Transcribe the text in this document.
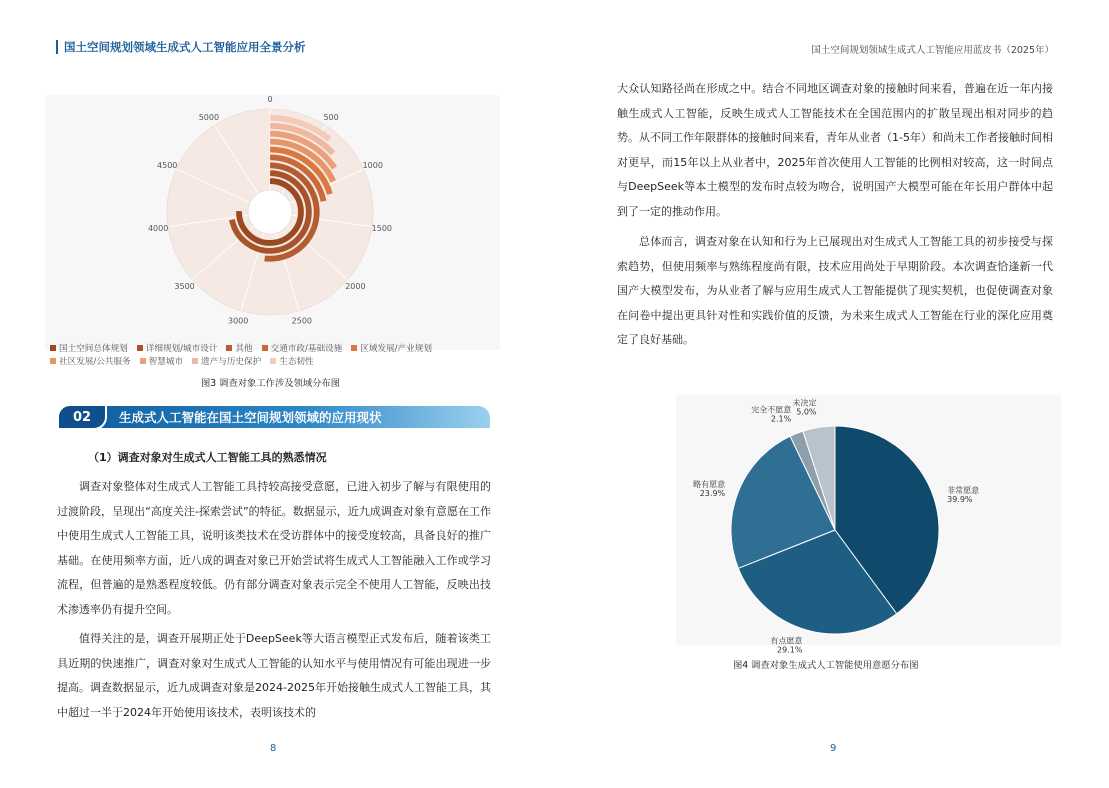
国土空间规划领域生成式人工智能应用全景分析
0
500
1000
1500
2000
2500
3000
3500
4000
4500
5000
国土空间总体规划 详细规划/城市设计 其他 交通市政/基础设施 区域发展/产业规划
社区发展/公共服务 智慧城市 遗产与历史保护 生态韧性
图3 调查对象工作涉及领域分布图
02	生成式人工智能在国土空间规划领域的应用现状
（1）调查对象对生成式人工智能工具的熟悉情况

调查对象整体对生成式人工智能工具持较高接受意愿，已进入初步了解与有限使用的过渡阶段，呈现出“高度关注-探索尝试”的特征。数据显示，近九成调查对象有意愿在工作中使用生成式人工智能工具，说明该类技术在受访群体中的接受度较高，具备良好的推广基础。在使用频率方面，近八成的调查对象已开始尝试将生成式人工智能融入工作或学习流程，但普遍的是熟悉程度较低。仍有部分调查对象表示完全不使用人工智能，反映出技术渗透率仍有提升空间。

值得关注的是，调查开展期正处于DeepSeek等大语言模型正式发布后，随着该类工具近期的快速推广，调查对象对生成式人工智能的认知水平与使用情况有可能出现进一步提高。调查数据显示，近九成调查对象是2024-2025年开始接触生成式人工智能工具，其中超过一半于2024年开始使用该技术，表明该技术的

8
国土空间规划领域生成式人工智能应用蓝皮书（2025年）

大众认知路径尚在形成之中。结合不同地区调查对象的接触时间来看，普遍在近一年内接触生成式人工智能，反映生成式人工智能技术在全国范围内的扩散呈现出相对同步的趋势。从不同工作年限群体的接触时间来看，青年从业者（1-5年）和尚未工作者接触时间相对更早，而15年以上从业者中，2025年首次使用人工智能的比例相对较高，这一时间点与DeepSeek等本土模型的发布时点较为吻合，说明国产大模型可能在年长用户群体中起到了一定的推动作用。

总体而言，调查对象在认知和行为上已展现出对生成式人工智能工具的初步接受与探索趋势，但使用频率与熟练程度尚有限，技术应用尚处于早期阶段。本次调查恰逢新一代国产大模型发布，为从业者了解与应用生成式人工智能提供了现实契机，也促使调查对象在问卷中提出更具针对性和实践价值的反馈，为未来生成式人工智能在行业的深化应用奠定了良好基础。

非常愿意
39.9%
有点愿意
29.1%
略有愿意
23.9%
完全不愿意
2.1%
未决定
5.0%
图4 调查对象生成式人工智能使用意愿分布图
9
